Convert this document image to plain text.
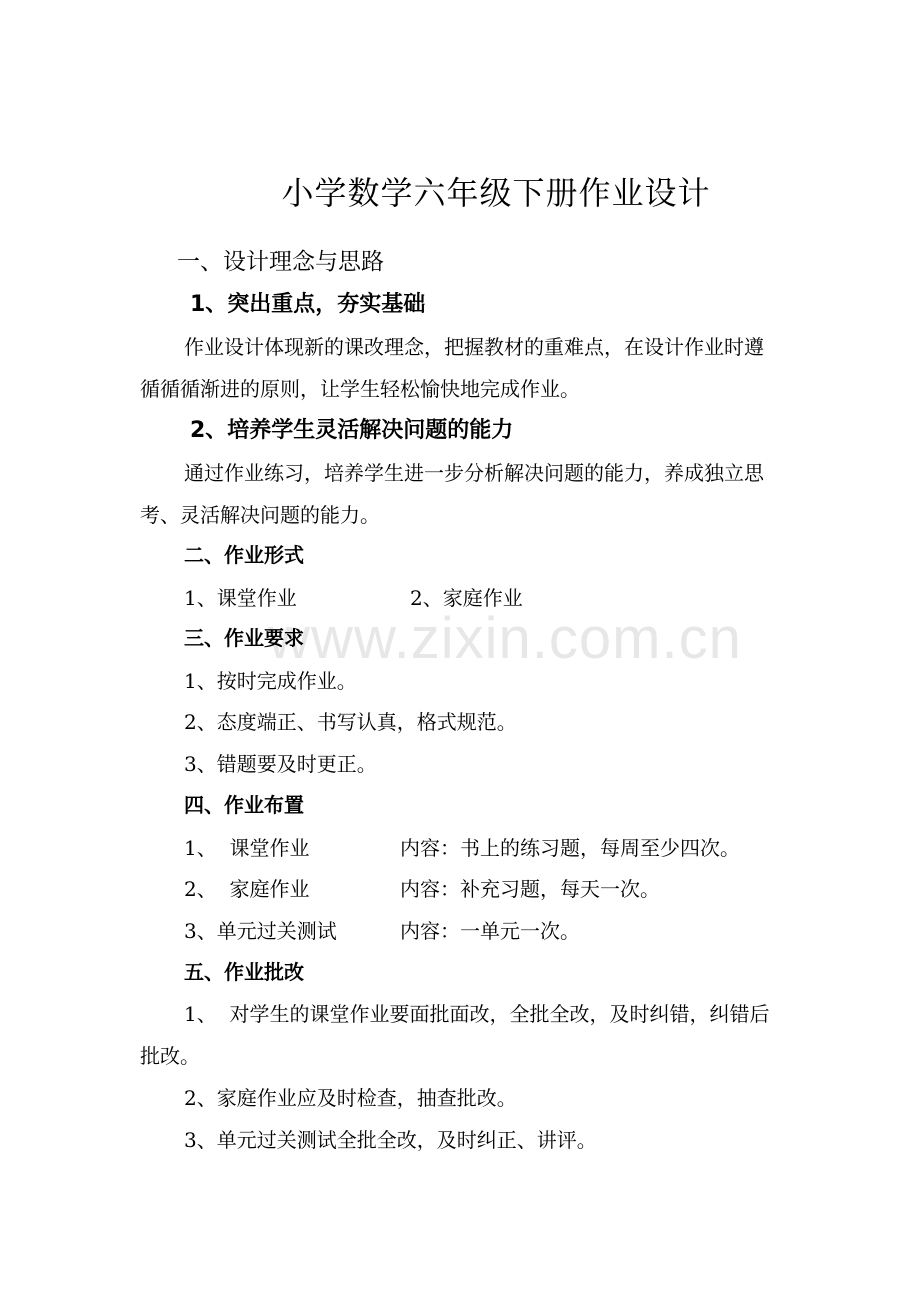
www.zixin.com.cn
小学数学六年级下册作业设计
一、设计理念与思路
1、突出重点，夯实基础
作业设计体现新的课改理念，把握教材的重难点，在设计作业时遵
循循循渐进的原则，让学生轻松愉快地完成作业。
2、培养学生灵活解决问题的能力
通过作业练习，培养学生进一步分析解决问题的能力，养成独立思
考、灵活解决问题的能力。
二、作业形式
1、课堂作业	2、家庭作业
三、作业要求
1、按时完成作业。
2、态度端正、书写认真，格式规范。
3、错题要及时更正。
四、作业布置
1、  课堂作业	内容：书上的练习题，每周至少四次。
2、  家庭作业	内容：补充习题，每天一次。
3、单元过关测试	内容：一单元一次。
五、作业批改
1、  对学生的课堂作业要面批面改，全批全改，及时纠错，纠错后
批改。
2、家庭作业应及时检查，抽查批改。
3、单元过关测试全批全改，及时纠正、讲评。
